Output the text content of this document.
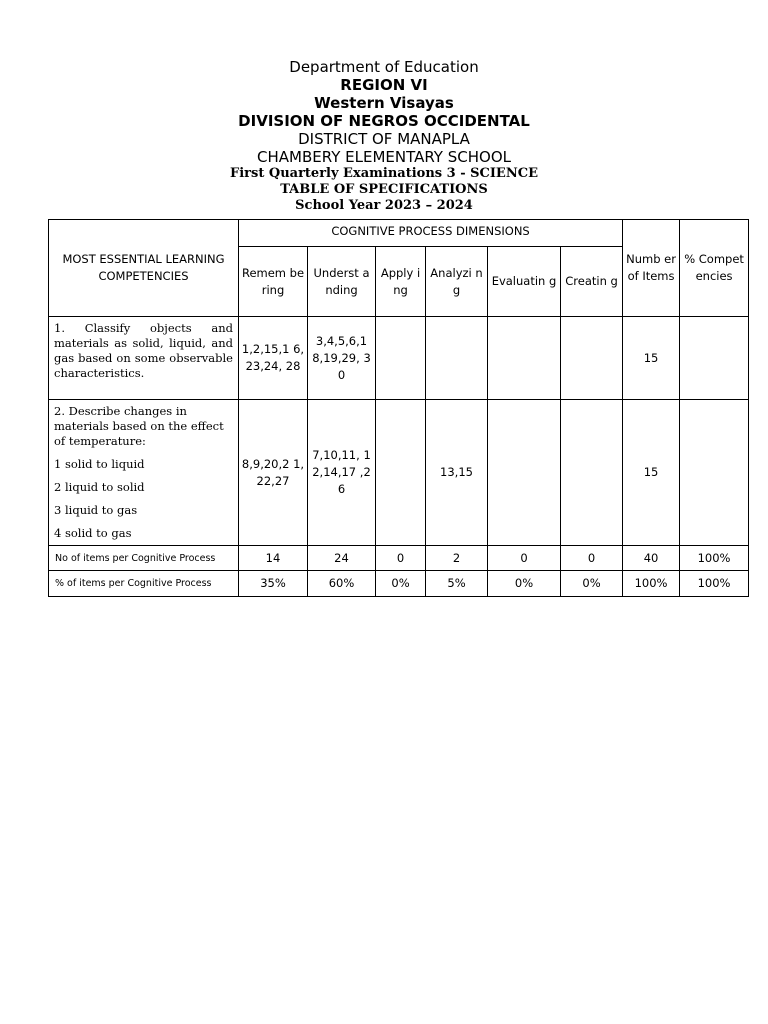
Department of Education
REGION VI
Western Visayas
DIVISION OF NEGROS OCCIDENTAL
DISTRICT OF MANAPLA
CHAMBERY ELEMENTARY SCHOOL
First Quarterly Examinations 3 - SCIENCE
TABLE OF SPECIFICATIONS
School Year 2023 – 2024
MOST ESSENTIAL LEARNING COMPETENCIES	COGNITIVE PROCESS DIMENSIONS						Numb er of Items	% Compet encies
	Remem bering	Underst anding	Apply ing	Analyzi ng	Evaluatin g	Creatin g		
1. Classify objects and materials as solid, liquid, and gas based on some observable characteristics.	1,2,15,1 6,23,24, 28	3,4,5,6,1 8,19,29, 30					15	

2. Describe changes in materials based on the effect of temperature:
1 solid to liquid
2 liquid to solid
3 liquid to gas
4 solid to gas	8,9,20,2 1,22,27	7,10,11, 12,14,17 ,26		13,15			15	
No of items per Cognitive Process	14	24	0	2	0	0	40	100%
% of items per Cognitive Process	35%	60%	0%	5%	0%	0%	100%	100%
